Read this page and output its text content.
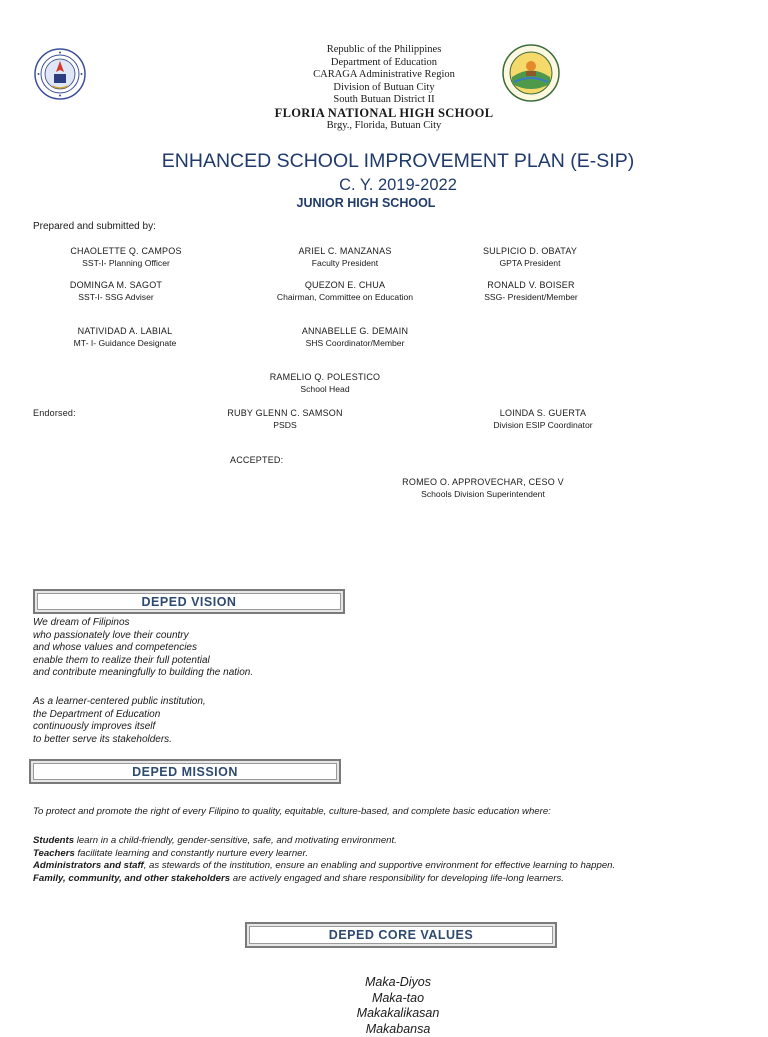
Republic of the Philippines
Department of Education
CARAGA Administrative Region
Division of Butuan City
South Butuan District II
FLORIA NATIONAL HIGH SCHOOL
Brgy., Florida, Butuan City
ENHANCED SCHOOL IMPROVEMENT PLAN (E-SIP)
C. Y. 2019-2022
JUNIOR HIGH SCHOOL
Prepared and submitted by:
CHAOLETTE Q. CAMPOS
SST-I- Planning Officer
ARIEL C. MANZANAS
Faculty President
SULPICIO D. OBATAY
GPTA President
DOMINGA M. SAGOT
SST-I- SSG Adviser
QUEZON E. CHUA
Chairman, Committee on Education
RONALD V. BOISER
SSG- President/Member
NATIVIDAD A. LABIAL
MT- I- Guidance Designate
ANNABELLE G. DEMAIN
SHS Coordinator/Member
RAMELIO Q. POLESTICO
School Head
Endorsed:	RUBY GLENN C. SAMSON
PSDS
LOINDA S. GUERTA
Division ESIP Coordinator
ACCEPTED:
ROMEO O. APPROVECHAR, CESO V
Schools Division Superintendent
DEPED VISION
We dream of Filipinos
who passionately love their country
and whose values and competencies
enable them to realize their full potential
and contribute meaningfully to building the nation.
As a learner-centered public institution,
the Department of Education
continuously improves itself
to better serve its stakeholders.
DEPED MISSION
To protect and promote the right of every Filipino to quality, equitable, culture-based, and complete basic education where:
Students learn in a child-friendly, gender-sensitive, safe, and motivating environment.
Teachers facilitate learning and constantly nurture every learner.
Administrators and staff, as stewards of the institution, ensure an enabling and supportive environment for effective learning to happen.
Family, community, and other stakeholders are actively engaged and share responsibility for developing life-long learners.
DEPED CORE VALUES
Maka-Diyos
Maka-tao
Makakalikasan
Makabansa
